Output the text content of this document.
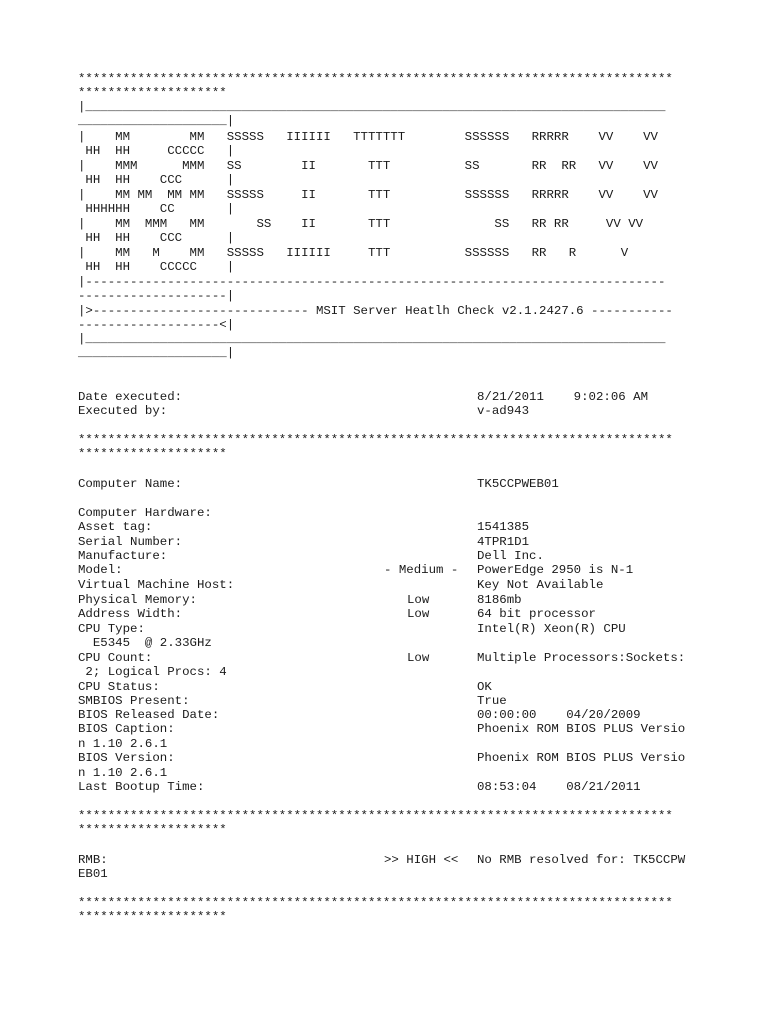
********************************************************************************
********************
|______________________________________________________________________________
____________________|
|    MM        MM   SSSSS   IIIIII   TTTTTTT        SSSSSS   RRRRR    VV    VV
HH  HH     CCCCC   |
|    MMM      MMM   SS        II       TTT          SS       RR  RR   VV    VV
HH  HH    CCC      |
|    MM MM  MM MM   SSSSS     II       TTT          SSSSSS   RRRRR    VV    VV
HHHHHH    CC       |
|    MM  MMM   MM       SS    II       TTT              SS   RR RR     VV VV
HH  HH    CCC      |
|    MM   M    MM   SSSSS   IIIIII     TTT          SSSSSS   RR   R      V
HH  HH    CCCCC    |
|------------------------------------------------------------------------------
--------------------|
|>----------------------------- MSIT Server Heatlh Check v2.1.2427.6 -----------
-------------------<|
|______________________________________________________________________________
____________________|
Date executed:	8/21/2011    9:02:06 AM
Executed by:	v-ad943
********************************************************************************
********************
Computer Name:	TK5CCPWEB01
Computer Hardware:
Asset tag:	1541385
Serial Number:	4TPR1D1
Manufacture:	Dell Inc.
Model:	- Medium - PowerEdge 2950 is N-1
Virtual Machine Host:	Key Not Available
Physical Memory:	Low	8186mb
Address Width:	Low	64 bit processor
CPU Type:	Intel(R) Xeon(R) CPU
E5345  @ 2.33GHz
CPU Count:	Low	Multiple Processors:Sockets:
2; Logical Procs: 4
CPU Status:	OK
SMBIOS Present:	True
BIOS Released Date:	00:00:00    04/20/2009
BIOS Caption:	Phoenix ROM BIOS PLUS Versio
n 1.10 2.6.1
BIOS Version:	Phoenix ROM BIOS PLUS Versio
n 1.10 2.6.1
Last Bootup Time:	08:53:04    08/21/2011
********************************************************************************
********************
RMB:	>> HIGH << No RMB resolved for: TK5CCPW
EB01
********************************************************************************
********************
